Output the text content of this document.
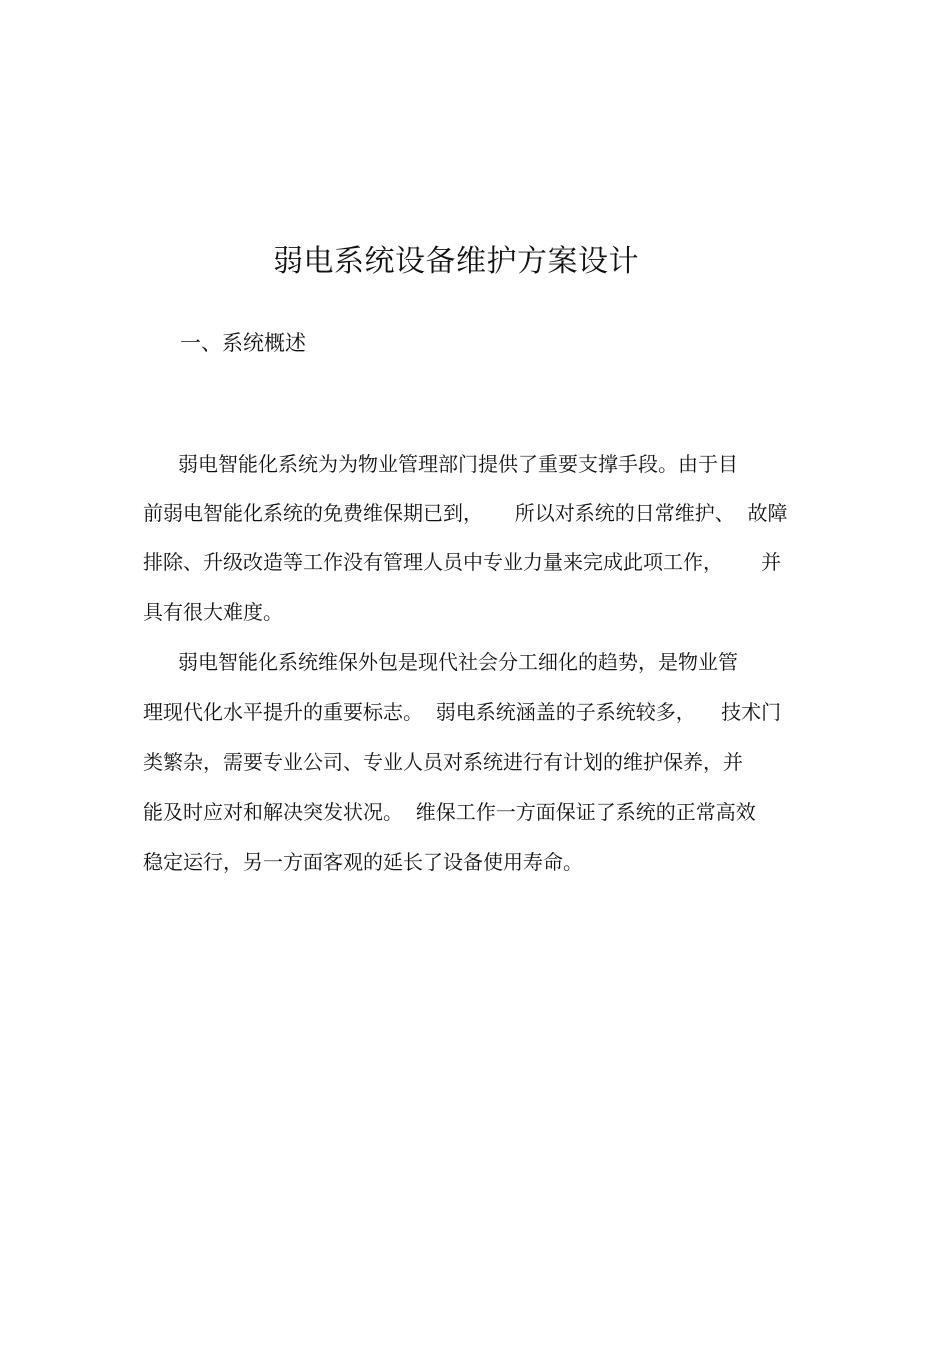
弱电系统设备维护方案设计
一、系统概述

弱电智能化系统为为物业管理部门提供了重要支撑手段。由于目

前弱电智能化系统的免费维保期已到，     所以对系统的日常维护、  故障

排除、升级改造等工作没有管理人员中专业力量来完成此项工作，      并

具有很大难度。

弱电智能化系统维保外包是现代社会分工细化的趋势，是物业管

理现代化水平提升的重要标志。  弱电系统涵盖的子系统较多，    技术门

类繁杂，需要专业公司、专业人员对系统进行有计划的维护保养，并

能及时应对和解决突发状况。  维保工作一方面保证了系统的正常高效

稳定运行，另一方面客观的延长了设备使用寿命。
